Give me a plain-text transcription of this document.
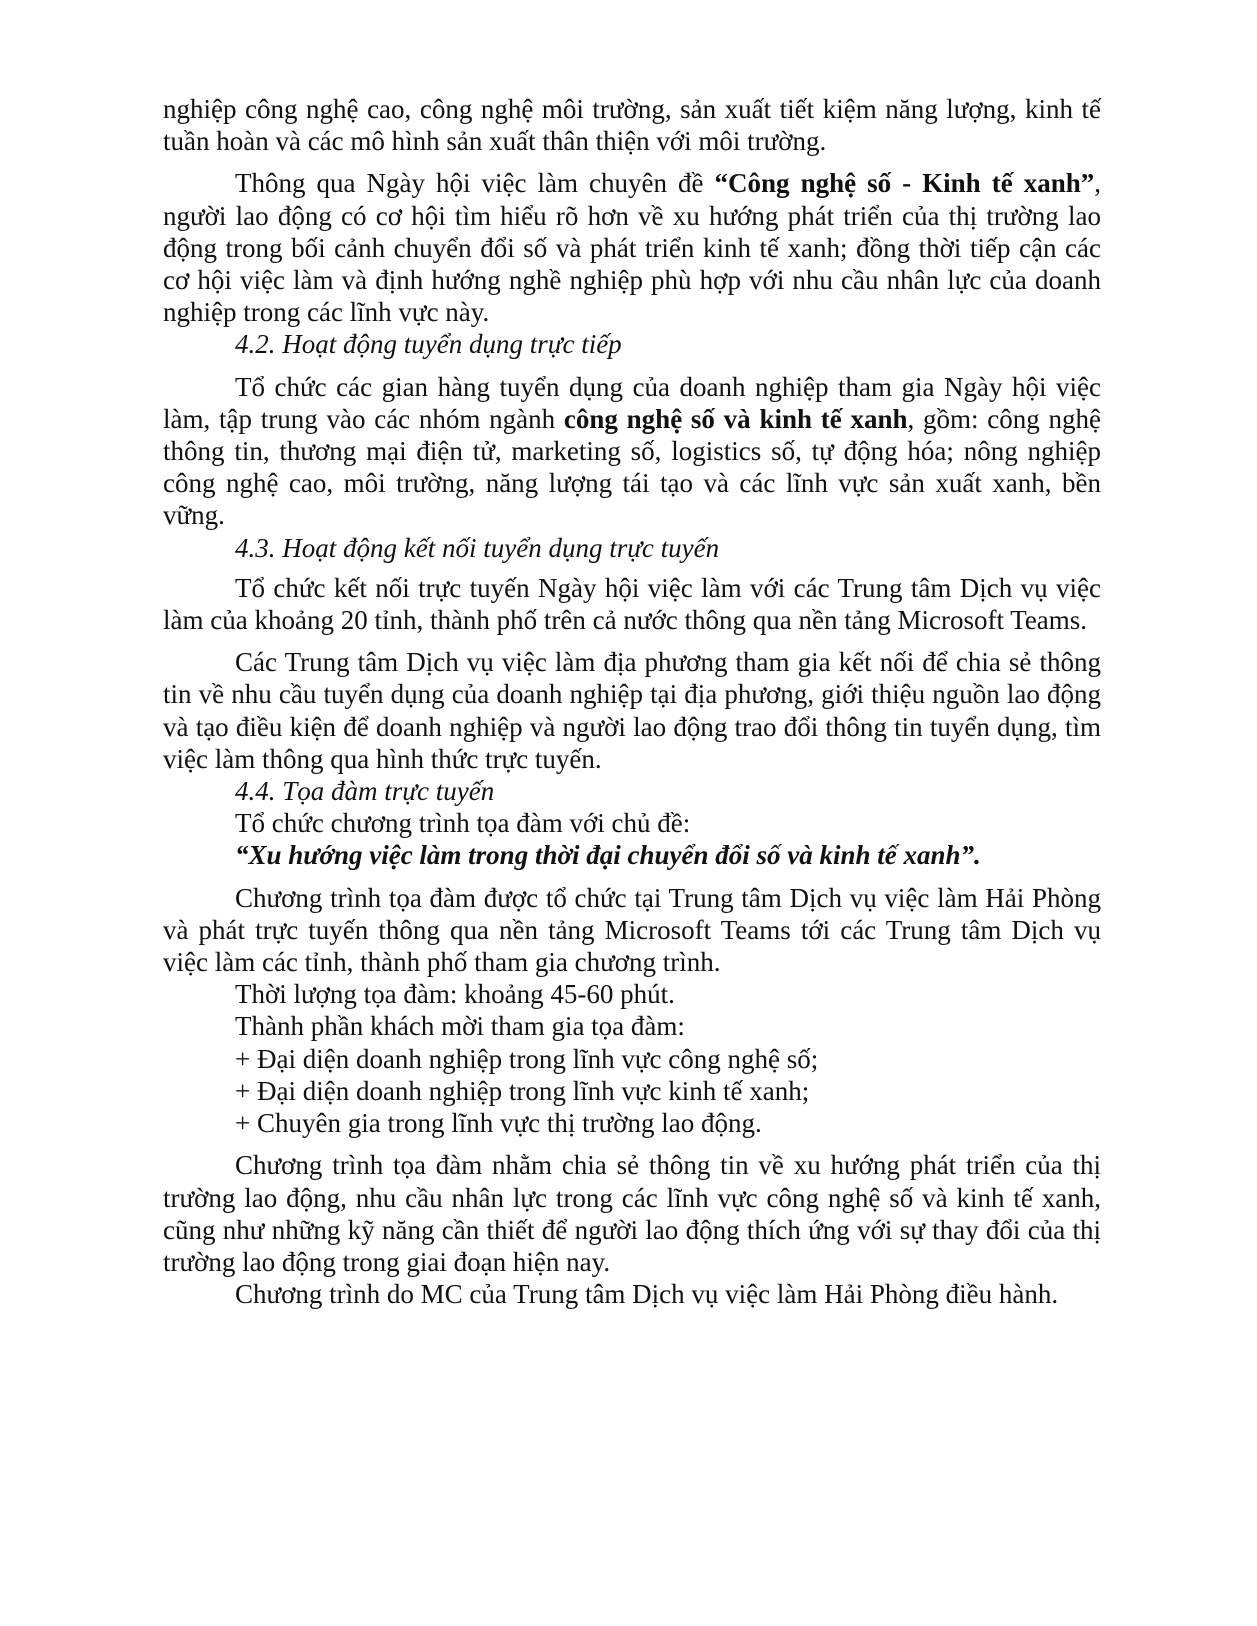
nghiệp công nghệ cao, công nghệ môi trường, sản xuất tiết kiệm năng lượng, kinh tế tuần hoàn và các mô hình sản xuất thân thiện với môi trường.

Thông qua Ngày hội việc làm chuyên đề “Công nghệ số - Kinh tế xanh”, người lao động có cơ hội tìm hiểu rõ hơn về xu hướng phát triển của thị trường lao động trong bối cảnh chuyển đổi số và phát triển kinh tế xanh; đồng thời tiếp cận các cơ hội việc làm và định hướng nghề nghiệp phù hợp với nhu cầu nhân lực của doanh nghiệp trong các lĩnh vực này.

4.2. Hoạt động tuyển dụng trực tiếp

Tổ chức các gian hàng tuyển dụng của doanh nghiệp tham gia Ngày hội việc làm, tập trung vào các nhóm ngành công nghệ số và kinh tế xanh, gồm: công nghệ thông tin, thương mại điện tử, marketing số, logistics số, tự động hóa; nông nghiệp công nghệ cao, môi trường, năng lượng tái tạo và các lĩnh vực sản xuất xanh, bền vững.

4.3. Hoạt động kết nối tuyển dụng trực tuyến

Tổ chức kết nối trực tuyến Ngày hội việc làm với các Trung tâm Dịch vụ việc làm của khoảng 20 tỉnh, thành phố trên cả nước thông qua nền tảng Microsoft Teams.

Các Trung tâm Dịch vụ việc làm địa phương tham gia kết nối để chia sẻ thông tin về nhu cầu tuyển dụng của doanh nghiệp tại địa phương, giới thiệu nguồn lao động và tạo điều kiện để doanh nghiệp và người lao động trao đổi thông tin tuyển dụng, tìm việc làm thông qua hình thức trực tuyến.

4.4. Tọa đàm trực tuyến

Tổ chức chương trình tọa đàm với chủ đề:

“Xu hướng việc làm trong thời đại chuyển đổi số và kinh tế xanh”.

Chương trình tọa đàm được tổ chức tại Trung tâm Dịch vụ việc làm Hải Phòng và phát trực tuyến thông qua nền tảng Microsoft Teams tới các Trung tâm Dịch vụ việc làm các tỉnh, thành phố tham gia chương trình.

Thời lượng tọa đàm: khoảng 45-60 phút.

Thành phần khách mời tham gia tọa đàm:

+ Đại diện doanh nghiệp trong lĩnh vực công nghệ số;

+ Đại diện doanh nghiệp trong lĩnh vực kinh tế xanh;

+ Chuyên gia trong lĩnh vực thị trường lao động.

Chương trình tọa đàm nhằm chia sẻ thông tin về xu hướng phát triển của thị trường lao động, nhu cầu nhân lực trong các lĩnh vực công nghệ số và kinh tế xanh, cũng như những kỹ năng cần thiết để người lao động thích ứng với sự thay đổi của thị trường lao động trong giai đoạn hiện nay.

Chương trình do MC của Trung tâm Dịch vụ việc làm Hải Phòng điều hành.
